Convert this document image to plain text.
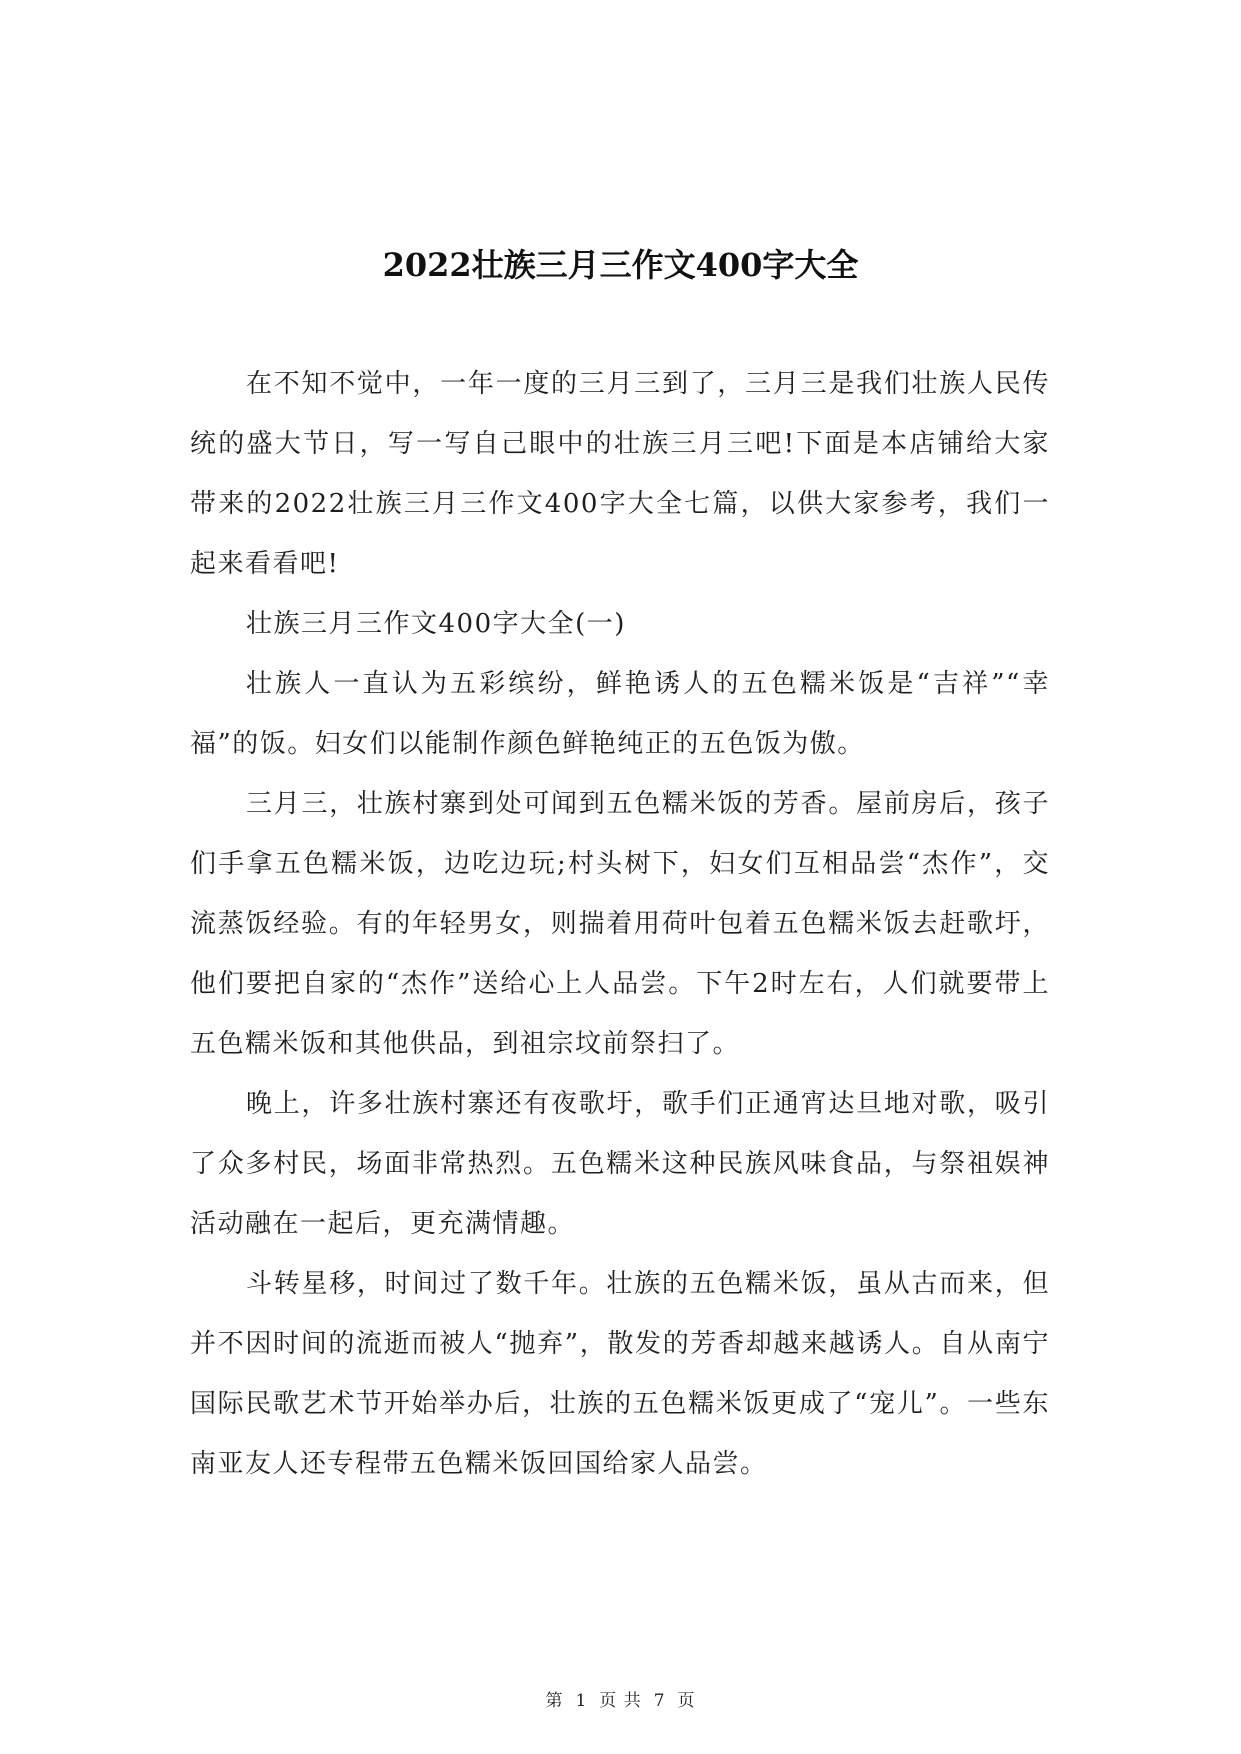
2022壮族三月三作文400字大全

在不知不觉中，一年一度的三月三到了，三月三是我们壮族人民传统的盛大节日，写一写自己眼中的壮族三月三吧!下面是本店铺给大家带来的2022壮族三月三作文400字大全七篇，以供大家参考，我们一起来看看吧!

壮族三月三作文400字大全(一)

壮族人一直认为五彩缤纷，鲜艳诱人的五色糯米饭是“吉祥”“幸福”的饭。妇女们以能制作颜色鲜艳纯正的五色饭为傲。

三月三，壮族村寨到处可闻到五色糯米饭的芳香。屋前房后，孩子们手拿五色糯米饭，边吃边玩;村头树下，妇女们互相品尝“杰作”，交流蒸饭经验。有的年轻男女，则揣着用荷叶包着五色糯米饭去赶歌圩，他们要把自家的“杰作”送给心上人品尝。下午2时左右，人们就要带上五色糯米饭和其他供品，到祖宗坟前祭扫了。

晚上，许多壮族村寨还有夜歌圩，歌手们正通宵达旦地对歌，吸引了众多村民，场面非常热烈。五色糯米这种民族风味食品，与祭祖娱神活动融在一起后，更充满情趣。

斗转星移，时间过了数千年。壮族的五色糯米饭，虽从古而来，但并不因时间的流逝而被人“抛弃”，散发的芳香却越来越诱人。自从南宁国际民歌艺术节开始举办后，壮族的五色糯米饭更成了“宠儿”。一些东南亚友人还专程带五色糯米饭回国给家人品尝。

第 1 页 共 7 页
